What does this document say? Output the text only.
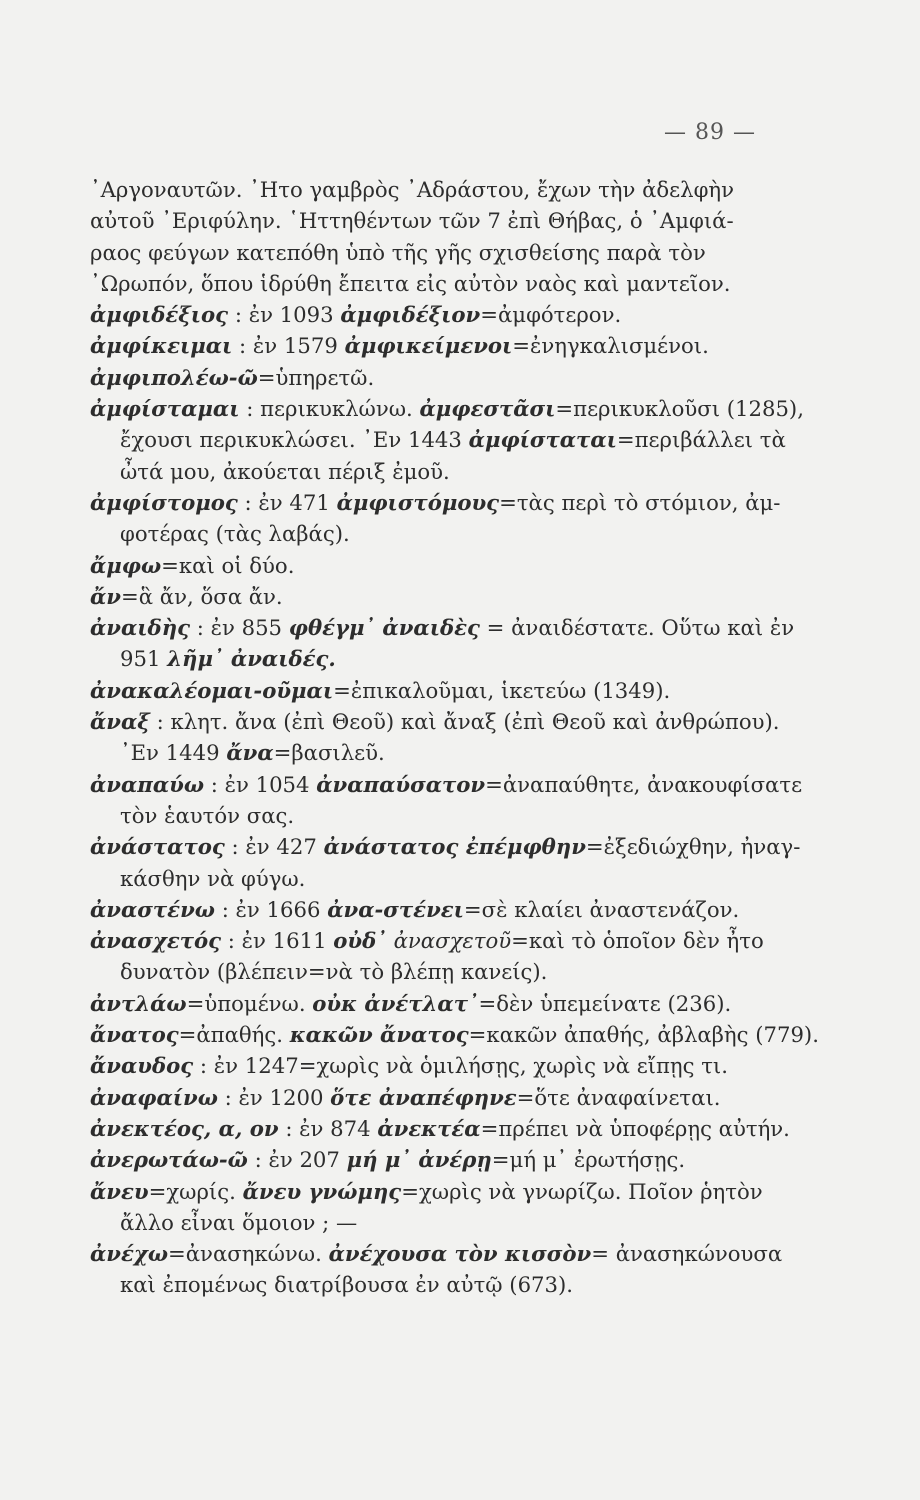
— 89 —
᾿Αργοναυτῶν. ᾿Ητο γαμβρὸς ᾿Αδράστου, ἔχων τὴν ἀδελφὴν
αὐτοῦ ᾿Εριφύλην. ῾Ηττηθέντων τῶν 7 ἐπὶ Θήβας, ὁ ᾿Αμφιά-
ραος φεύγων κατεπόθη ὑπὸ τῆς γῆς σχισθείσης παρὰ τὸν
᾿Ωρωπόν, ὅπου ἱδρύθη ἔπειτα εἰς αὐτὸν ναὸς καὶ μαντεῖον.
ἀμφιδέξιος : ἐν 1093 ἀμφιδέξιον=ἀμφότερον.
ἀμφίκειμαι : ἐν 1579 ἀμφικείμενοι=ἐνηγκαλισμένοι.
ἀμφιπολέω-ῶ=ὑπηρετῶ.
ἀμφίσταμαι : περικυκλώνω. ἀμφεστᾶσι=περικυκλοῦσι (1285),
ἔχουσι περικυκλώσει. ᾿Εν 1443 ἀμφίσταται=περιβάλλει τὰ
ὦτά μου, ἀκούεται πέριξ ἐμοῦ.
ἀμφίστομος : ἐν 471 ἀμφιστόμους=τὰς περὶ τὸ στόμιον, ἀμ-
φοτέρας (τὰς λαβάς).
ἄμφω=καὶ οἱ δύο.
ἄν=ἃ ἄν, ὅσα ἄν.
ἀναιδὴς : ἐν 855 φθέγμ᾿ ἀναιδὲς = ἀναιδέστατε. Οὕτω καὶ ἐν
951 λῆμ᾿ ἀναιδές.
ἀνακαλέομαι-οῦμαι=ἐπικαλοῦμαι, ἱκετεύω (1349).
ἄναξ : κλητ. ἄνα (ἐπὶ Θεοῦ) καὶ ἄναξ (ἐπὶ Θεοῦ καὶ ἀνθρώπου).
᾿Εν 1449 ἄνα=βασιλεῦ.
ἀναπαύω : ἐν 1054 ἀναπαύσατον=ἀναπαύθητε, ἀνακουφίσατε
τὸν ἑαυτόν σας.
ἀνάστατος : ἐν 427 ἀνάστατος ἐπέμφθην=ἐξεδιώχθην, ἠναγ-
κάσθην νὰ φύγω.
ἀναστένω : ἐν 1666 ἀνα-στένει=σὲ κλαίει ἀναστενάζον.
ἀνασχετός : ἐν 1611 οὐδ᾿ ἀνασχετοῦ=καὶ τὸ ὁποῖον δὲν ἦτο
δυνατὸν (βλέπειν=νὰ τὸ βλέπῃ κανείς).
ἀντλάω=ὑπομένω. οὐκ ἀνέτλατ᾿=δὲν ὑπεμείνατε (236).
ἄνατος=ἀπαθής. κακῶν ἄνατος=κακῶν ἀπαθής, ἀβλαβὴς (779).
ἄναυδος : ἐν 1247=χωρὶς νὰ ὁμιλήσῃς, χωρὶς νὰ εἴπῃς τι.
ἀναφαίνω : ἐν 1200 ὅτε ἀναπέφηνε=ὅτε ἀναφαίνεται.
ἀνεκτέος, α, ον : ἐν 874 ἀνεκτέα=πρέπει νὰ ὑποφέρῃς αὐτήν.
ἀνερωτάω-ῶ : ἐν 207 μή μ᾿ ἀνέρῃ=μή μ᾿ ἐρωτήσῃς.
ἄνευ=χωρίς. ἄνευ γνώμης=χωρὶς νὰ γνωρίζω. Ποῖον ῥητὸν
ἄλλο εἶναι ὅμοιον ; —
ἀνέχω=ἀνασηκώνω. ἀνέχουσα τὸν κισσὸν= ἀνασηκώνουσα
καὶ ἐπομένως διατρίβουσα ἐν αὐτῷ (673).
